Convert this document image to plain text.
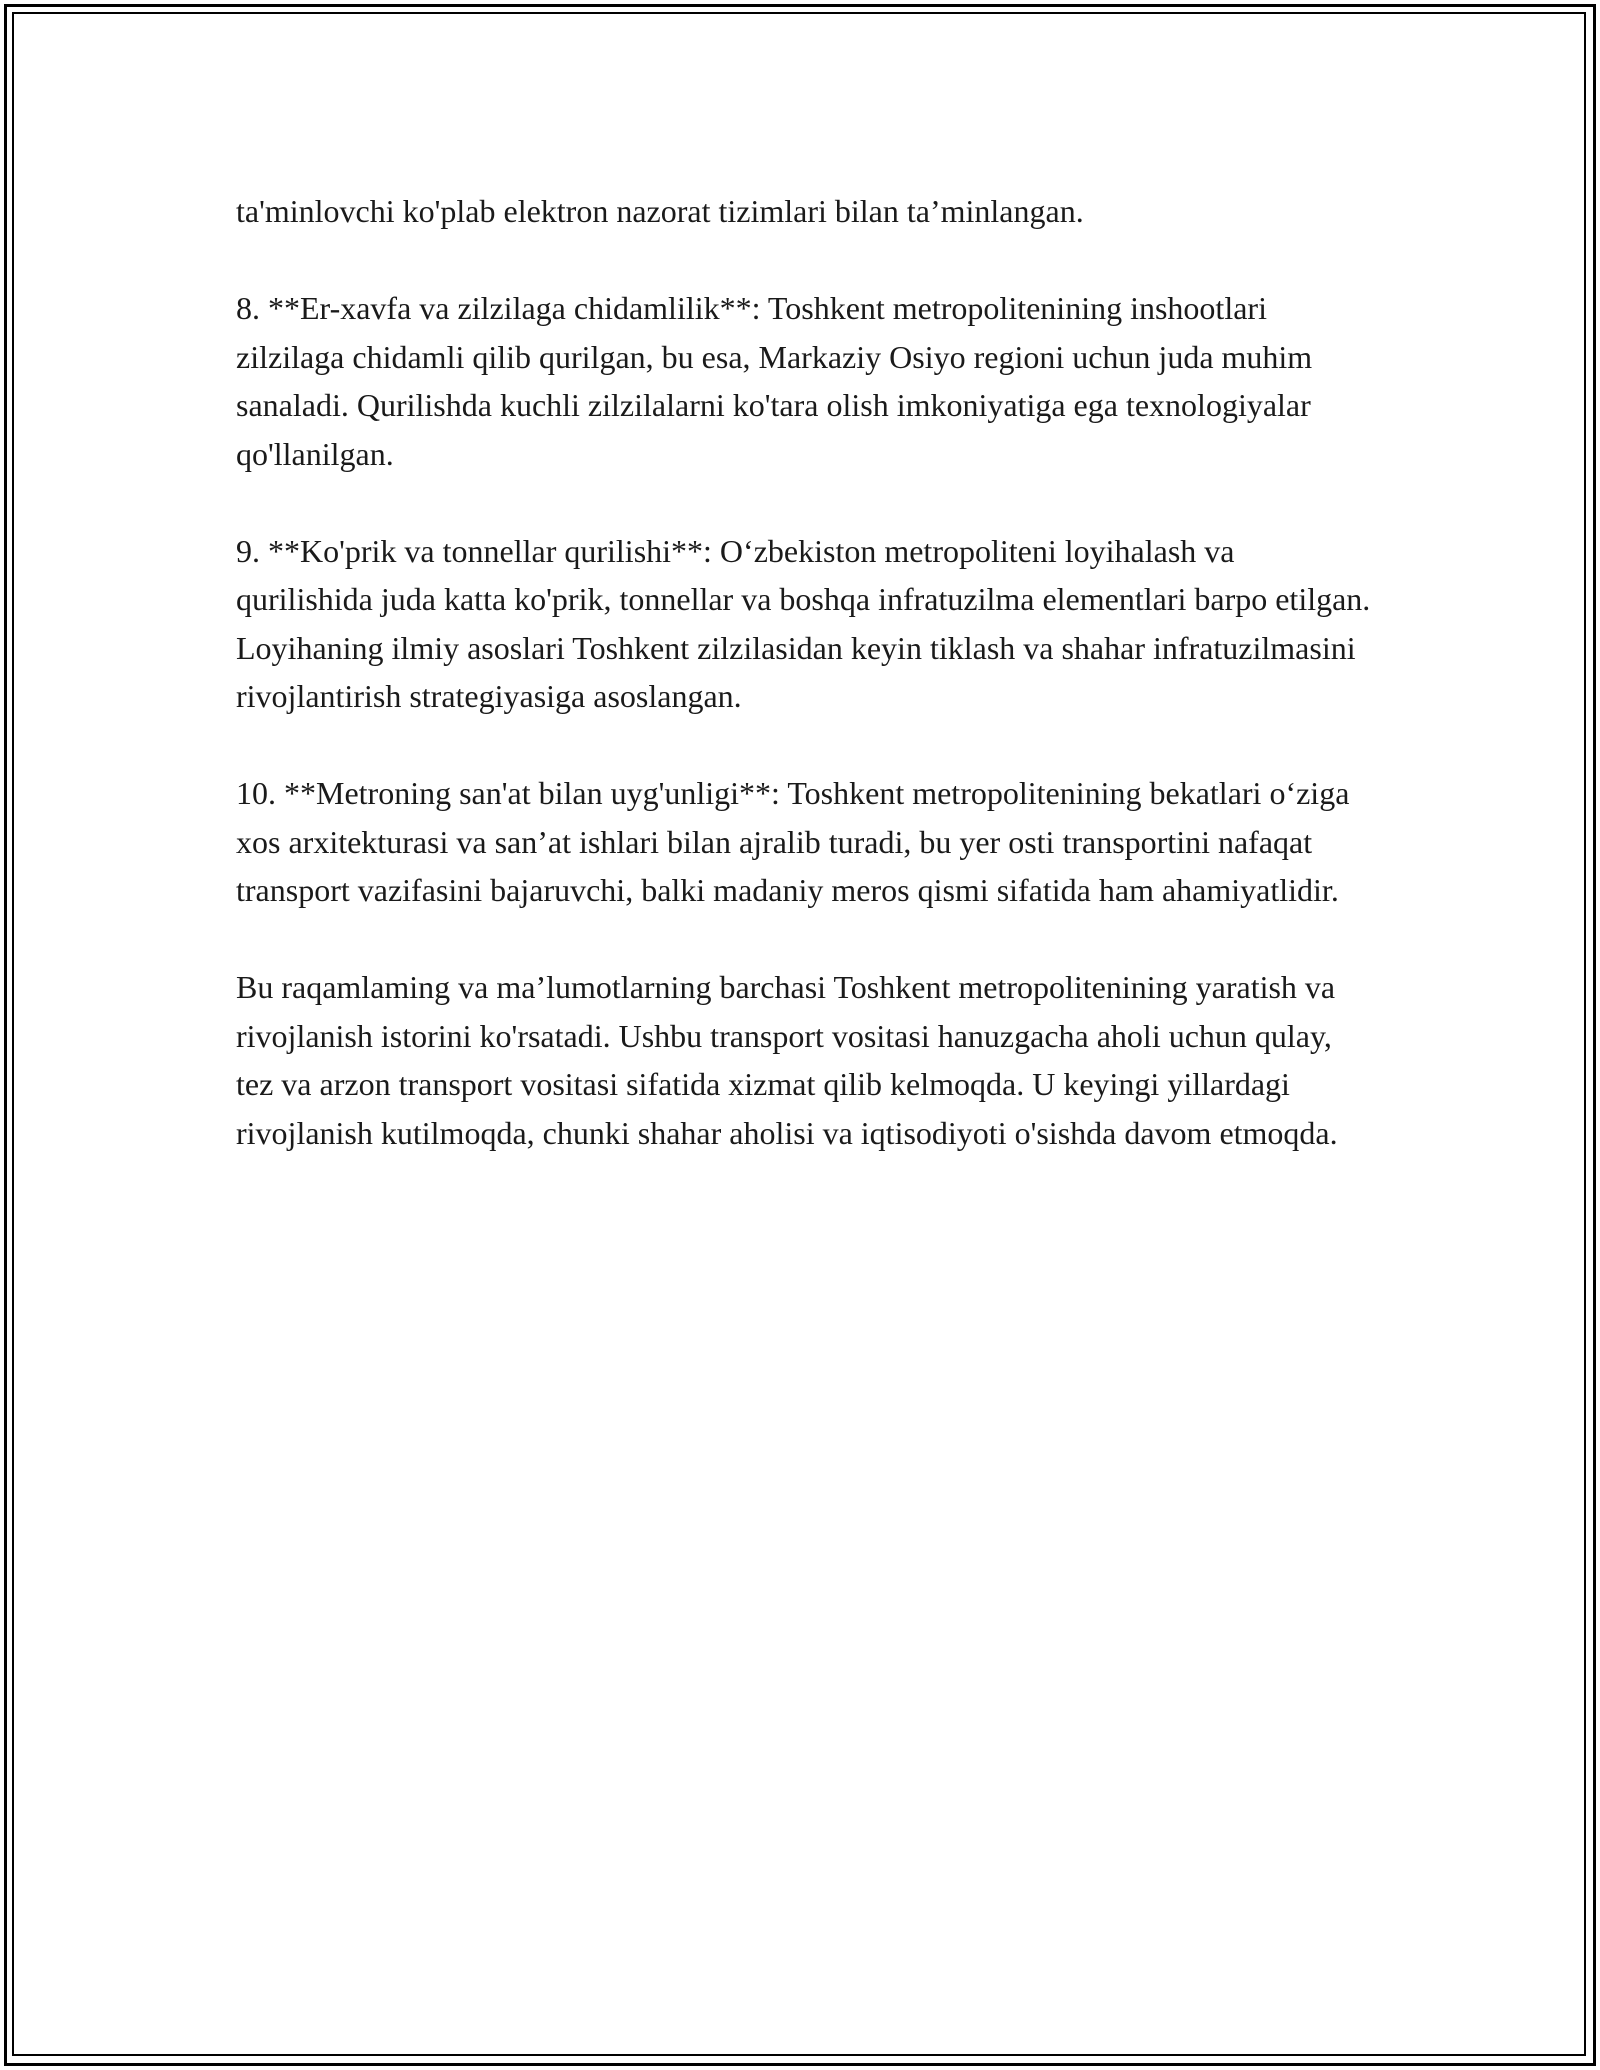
ta'minlovchi ko'plab elektron nazorat tizimlari bilan ta’minlangan.

8. **Er-xavfa va zilzilaga chidamlilik**: Toshkent metropolitenining inshootlari zilzilaga chidamli qilib qurilgan, bu esa, Markaziy Osiyo regioni uchun juda muhim sanaladi. Qurilishda kuchli zilzilalarni ko'tara olish imkoniyatiga ega texnologiyalar qo'llanilgan.

9. **Ko'prik va tonnellar qurilishi**: O‘zbekiston metropoliteni loyihalash va qurilishida juda katta ko'prik, tonnellar va boshqa infratuzilma elementlari barpo etilgan. Loyihaning ilmiy asoslari Toshkent zilzilasidan keyin tiklash va shahar infratuzilmasini rivojlantirish strategiyasiga asoslangan.

10. **Metroning san'at bilan uyg'unligi**: Toshkent metropolitenining bekatlari o‘ziga xos arxitekturasi va san’at ishlari bilan ajralib turadi, bu yer osti transportini nafaqat transport vazifasini bajaruvchi, balki madaniy meros qismi sifatida ham ahamiyatlidir.

Bu raqamlaming va ma’lumotlarning barchasi Toshkent metropolitenining yaratish va rivojlanish istorini ko'rsatadi. Ushbu transport vositasi hanuzgacha aholi uchun qulay, tez va arzon transport vositasi sifatida xizmat qilib kelmoqda. U keyingi yillardagi rivojlanish kutilmoqda, chunki shahar aholisi va iqtisodiyoti o'sishda davom etmoqda.
